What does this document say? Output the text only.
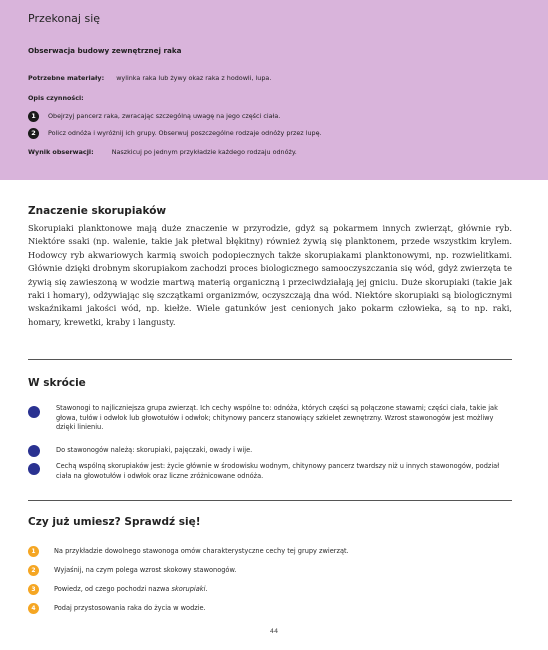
Przekonaj się
Obserwacja budowy zewnętrznej raka
Potrzebne materiały: wylinka raka lub żywy okaz raka z hodowli, lupa.
Opis czynności:
1	Obejrzyj pancerz raka, zwracając szczególną uwagę na jego części ciała.
2	Policz odnóża i wyróżnij ich grupy. Obserwuj poszczególne rodzaje odnóży przez lupę.
Wynik obserwacji:	Naszkicuj po jednym przykładzie każdego rodzaju odnóży.
Znaczenie skorupiaków
Skorupiaki planktonowe mają duże znaczenie w przyrodzie, gdyż są pokarmem innych zwierząt, głównie ryb. Niektóre ssaki (np. walenie, takie jak płetwal błękitny) również żywią się planktonem, przede wszystkim krylem. Hodowcy ryb akwariowych karmią swoich podopiecznych także skorupiakami planktonowymi, np. rozwielitkami. Głównie dzięki drobnym skorupiakom zachodzi proces biologicznego samooczyszczania się wód, gdyż zwierzęta te żywią się zawieszoną w wodzie martwą materią organiczną i przeciwdziałają jej gniciu. Duże skorupiaki (takie jak raki i homary), odżywiając się szczątkami organizmów, oczyszczają dna wód. Niektóre skorupiaki są biologicznymi wskaźnikami jakości wód, np. kiełże. Wiele gatunków jest cenionych jako pokarm człowieka, są to np. raki, homary, krewetki, kraby i langusty.
W skrócie
Stawonogi to najliczniejsza grupa zwierząt. Ich cechy wspólne to: odnóża, których części są połączone stawami; części ciała, takie jak głowa, tułów i odwłok lub głowotułów i odwłok; chitynowy pancerz stanowiący szkielet zewnętrzny. Wzrost stawonogów jest możliwy dzięki linieniu.
Do stawonogów należą: skorupiaki, pajęczaki, owady i wije.
Cechą wspólną skorupiaków jest: życie głównie w środowisku wodnym, chitynowy pancerz twardszy niż u innych stawonogów, podział ciała na głowotułów i odwłok oraz liczne zróżnicowane odnóża.
Czy już umiesz? Sprawdź się!
1	Na przykładzie dowolnego stawonoga omów charakterystyczne cechy tej grupy zwierząt.
2	Wyjaśnij, na czym polega wzrost skokowy stawonogów.
3	Powiedz, od czego pochodzi nazwa skorupiaki.
4	Podaj przystosowania raka do życia w wodzie.
44
